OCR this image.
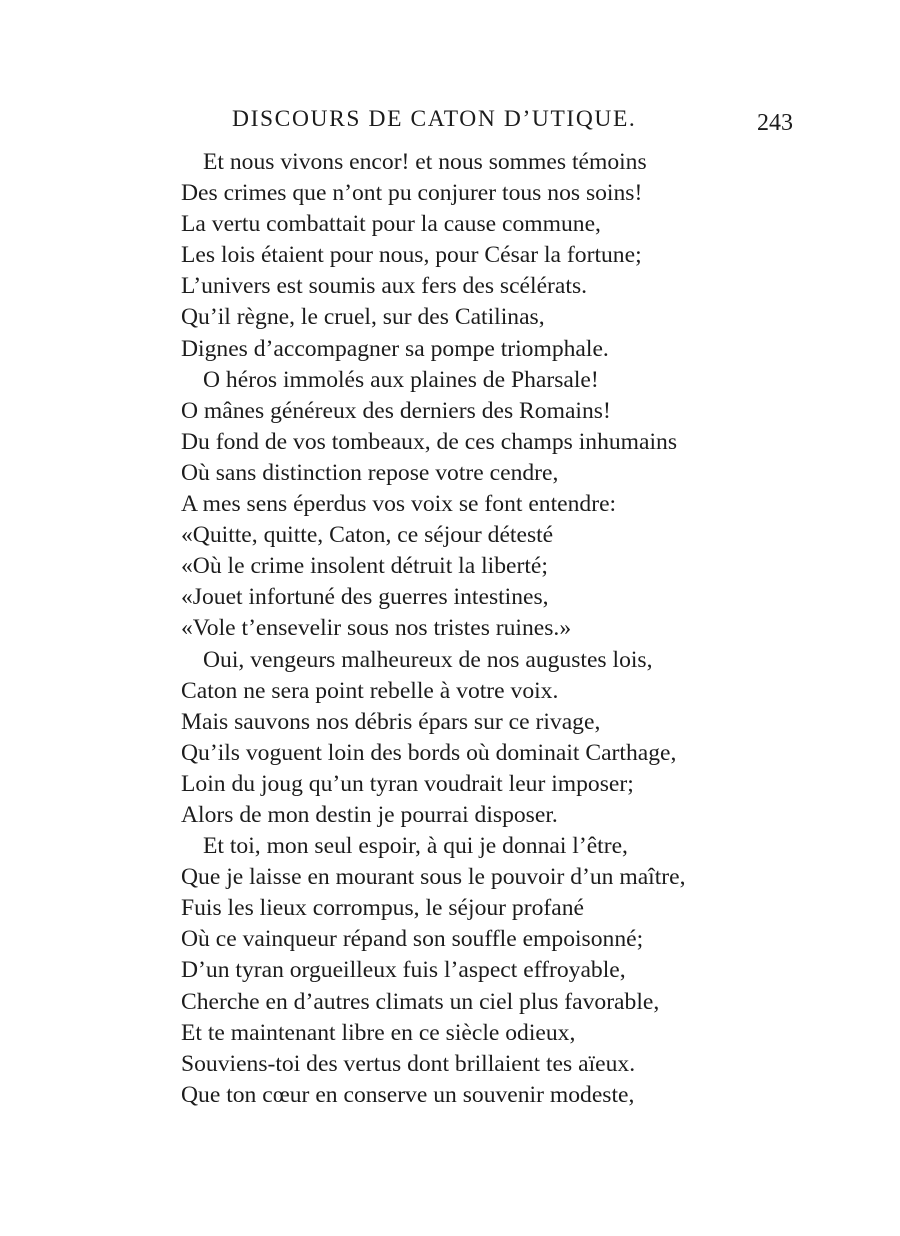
DISCOURS DE CATON D’UTIQUE.	243
Et nous vivons encor! et nous sommes témoins
Des crimes que n’ont pu conjurer tous nos soins!
La vertu combattait pour la cause commune,
Les lois étaient pour nous, pour César la fortune;
L’univers est soumis aux fers des scélérats.
Qu’il règne, le cruel, sur des Catilinas,
Dignes d’accompagner sa pompe triomphale.
O héros immolés aux plaines de Pharsale!
O mânes généreux des derniers des Romains!
Du fond de vos tombeaux, de ces champs inhumains
Où sans distinction repose votre cendre,
A mes sens éperdus vos voix se font entendre:
«Quitte, quitte, Caton, ce séjour détesté
«Où le crime insolent détruit la liberté;
«Jouet infortuné des guerres intestines,
«Vole t’ensevelir sous nos tristes ruines.»
Oui, vengeurs malheureux de nos augustes lois,
Caton ne sera point rebelle à votre voix.
Mais sauvons nos débris épars sur ce rivage,
Qu’ils voguent loin des bords où dominait Carthage,
Loin du joug qu’un tyran voudrait leur imposer;
Alors de mon destin je pourrai disposer.
Et toi, mon seul espoir, à qui je donnai l’être,
Que je laisse en mourant sous le pouvoir d’un maître,
Fuis les lieux corrompus, le séjour profané
Où ce vainqueur répand son souffle empoisonné;
D’un tyran orgueilleux fuis l’aspect effroyable,
Cherche en d’autres climats un ciel plus favorable,
Et te maintenant libre en ce siècle odieux,
Souviens-toi des vertus dont brillaient tes aïeux.
Que ton cœur en conserve un souvenir modeste,
